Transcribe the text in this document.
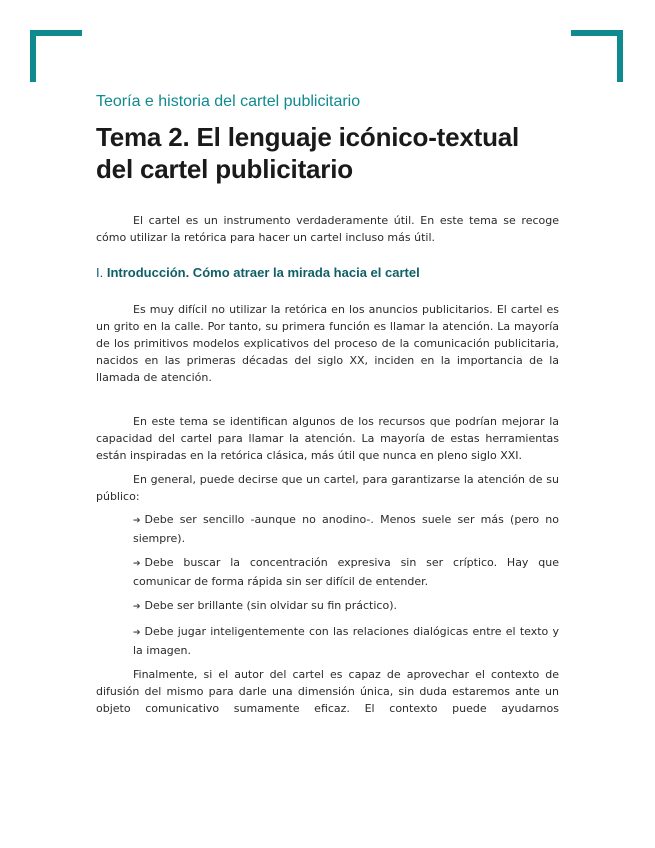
Teoría e historia del cartel publicitario

Tema 2. El lenguaje icónico-textual del cartel publicitario

El cartel es un instrumento verdaderamente útil. En este tema se recoge cómo utilizar la retórica para hacer un cartel incluso más útil.

I. Introducción. Cómo atraer la mirada hacia el cartel

Es muy difícil no utilizar la retórica en los anuncios publicitarios. El cartel es un grito en la calle. Por tanto, su primera función es llamar la atención. La mayoría de los primitivos modelos explicativos del proceso de la comunicación publicitaria, nacidos en las primeras décadas del siglo XX, inciden en la importancia de la llamada de atención.

En este tema se identifican algunos de los recursos que podrían mejorar la capacidad del cartel para llamar la atención. La mayoría de estas herramientas están inspiradas en la retórica clásica, más útil que nunca en pleno siglo XXI.

En general, puede decirse que un cartel, para garantizarse la atención de su público:

➔ Debe ser sencillo -aunque no anodino-. Menos suele ser más (pero no siempre).
➔ Debe buscar la concentración expresiva sin ser críptico. Hay que comunicar de forma rápida sin ser difícil de entender.
➔ Debe ser brillante (sin olvidar su fin práctico).
➔ Debe jugar inteligentemente con las relaciones dialógicas entre el texto y la imagen.

Finalmente, si el autor del cartel es capaz de aprovechar el contexto de difusión del mismo para darle una dimensión única, sin duda estaremos ante un objeto comunicativo sumamente eficaz. El contexto puede ayudarnos
